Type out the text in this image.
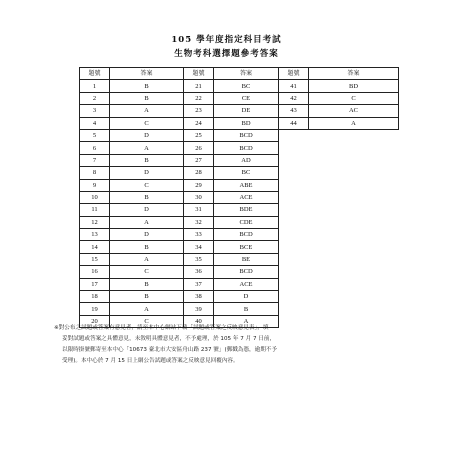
105 學年度指定科目考試
生物考科選擇題參考答案
題號	答案
1	B
2	B
3	A
4	C
5	D
6	A
7	B
8	D
9	C
10	B
11	D
12	A
13	D
14	B
15	A
16	C
17	B
18	B
19	A
20	C
題號	答案
21	BC
22	CE
23	DE
24	BD
25	BCD
26	BCD
27	AD
28	BC
29	ABE
30	ACE
31	BDE
32	CDE
33	BCD
34	BCE
35	BE
36	BCD
37	ACE
38	D
39	B
40	A
題號	答案
41	BD
42	C
43	AC
44	A

※對公布之試題或答案有意見者，請至本中心網站下載「試題或答案之反映意見表」，填

妥對試題或答案之具體意見，未敘明具體意見者，不予處理，於 105 年 7 月 7 日前，

以限時掛號郵寄至本中心「10673 臺北市大安區舟山路 237 號」(郵戳為憑，逾期不予

受理)。本中心於 7 月 15 日上網公告試題或答案之反映意見回覆內容。
